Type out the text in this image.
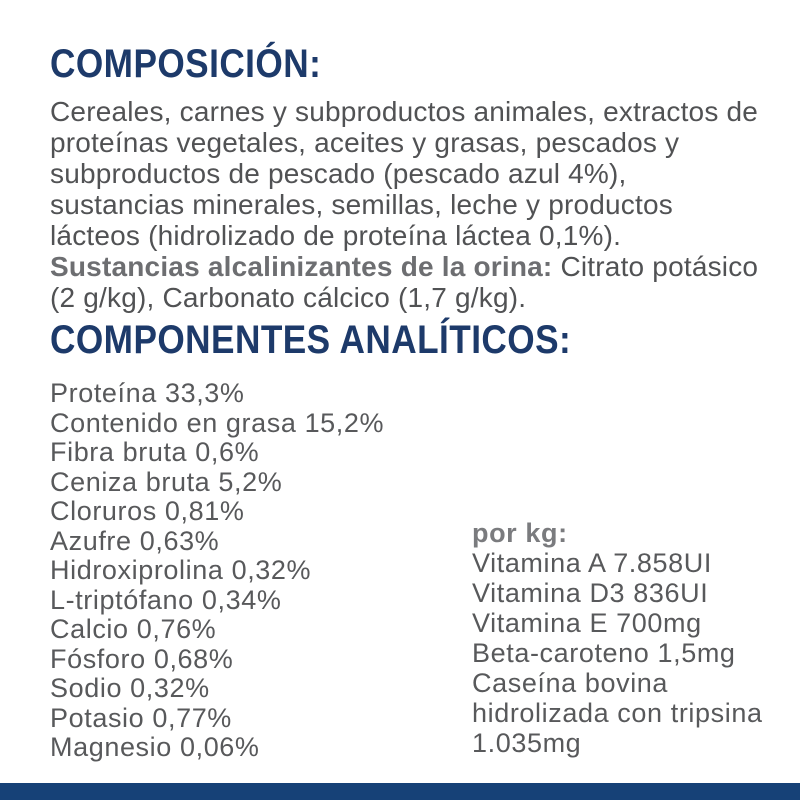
COMPOSICIÓN:

Cereales, carnes y subproductos animales, extractos de proteínas vegetales, aceites y grasas, pescados y subproductos de pescado (pescado azul 4%), sustancias minerales, semillas, leche y productos lácteos (hidrolizado de proteína láctea 0,1%). Sustancias alcalinizantes de la orina: Citrato potásico (2 g/kg), Carbonato cálcico (1,7 g/kg).

COMPONENTES ANALÍTICOS:
Proteína 33,3%
Contenido en grasa 15,2%
Fibra bruta 0,6%
Ceniza bruta 5,2%
Cloruros 0,81%
Azufre 0,63%
Hidroxiprolina 0,32%
L-triptófano 0,34%
Calcio 0,76%
Fósforo 0,68%
Sodio 0,32%
Potasio 0,77%
Magnesio 0,06%
por kg:
Vitamina A 7.858UI
Vitamina D3 836UI
Vitamina E 700mg
Beta-caroteno 1,5mg
Caseína bovina hidrolizada con tripsina 1.035mg
